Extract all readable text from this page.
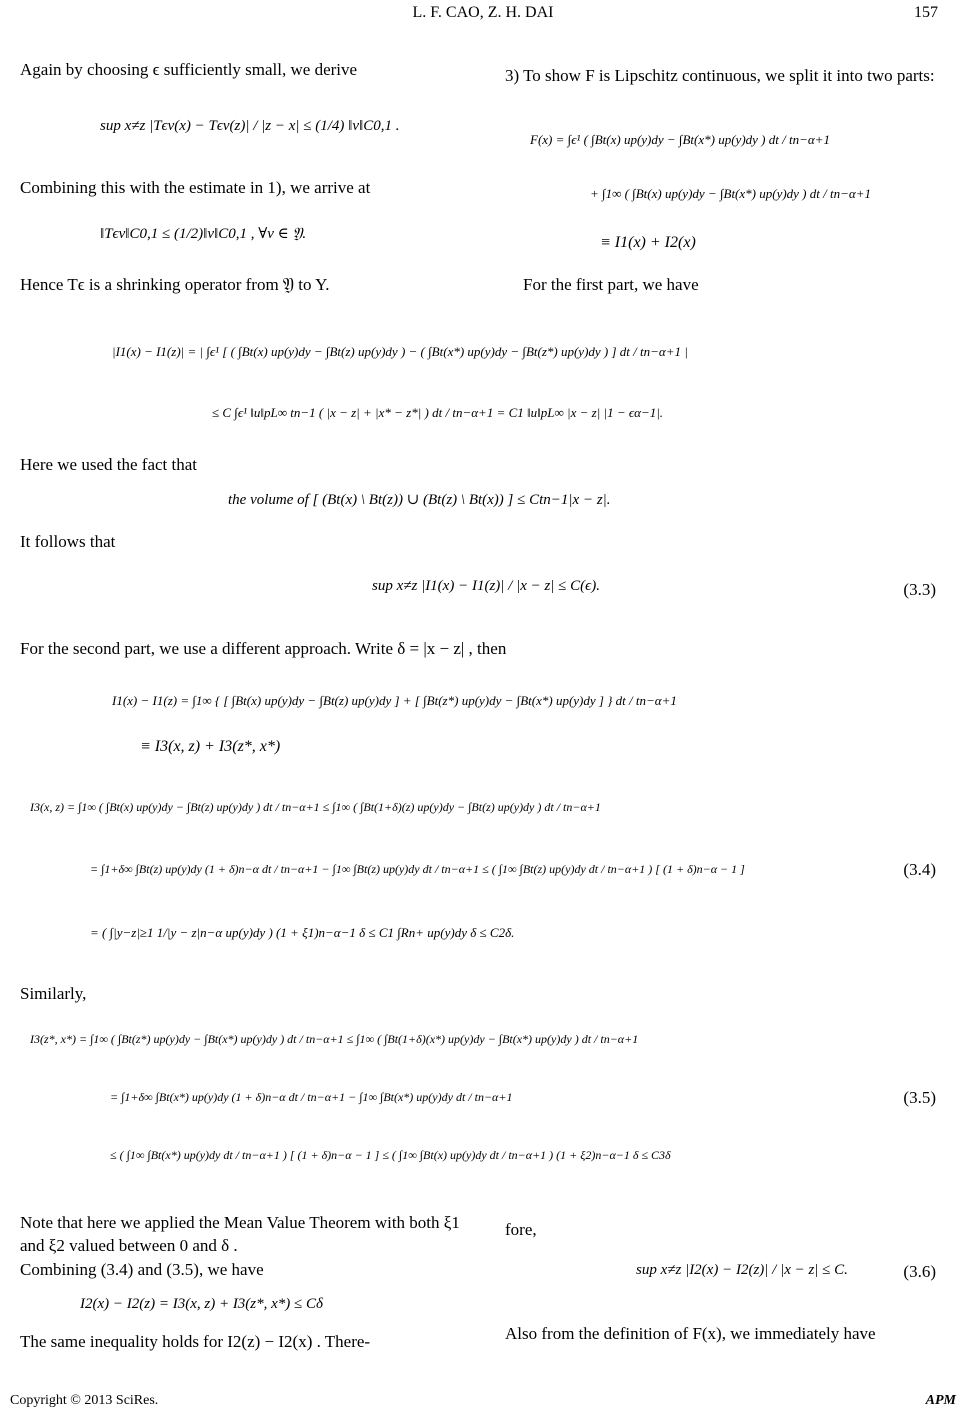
L. F. CAO, Z. H. DAI	157
Again by choosing ϵ sufficiently small, we derive
sup x≠z |Tϵv(x) − Tϵv(z)| / |z − x| ≤ (1/4) ‖v‖C0,1 .
Combining this with the estimate in 1), we arrive at
‖Tϵv‖C0,1 ≤ (1/2)‖v‖C0,1 , ∀v ∈ 𝔜.
Hence Tϵ is a shrinking operator from 𝔜 to Y.
3) To show F is Lipschitz continuous, we split it into two parts:
F(x) = ∫ϵ¹ ( ∫Bt(x) up(y)dy − ∫Bt(x*) up(y)dy ) dt / tn−α+1
+ ∫1∞ ( ∫Bt(x) up(y)dy − ∫Bt(x*) up(y)dy ) dt / tn−α+1
≡ I1(x) + I2(x)
For the first part, we have
|I1(x) − I1(z)| = | ∫ϵ¹ [ ( ∫Bt(x) up(y)dy − ∫Bt(z) up(y)dy ) − ( ∫Bt(x*) up(y)dy − ∫Bt(z*) up(y)dy ) ] dt / tn−α+1 |
≤ C ∫ϵ¹ ‖u‖pL∞ tn−1 ( |x − z| + |x* − z*| ) dt / tn−α+1 = C1 ‖u‖pL∞ |x − z| |1 − ϵα−1|.
Here we used the fact that
the volume of [ (Bt(x) \ Bt(z)) ∪ (Bt(z) \ Bt(x)) ] ≤ Ctn−1|x − z|.
It follows that
sup x≠z |I1(x) − I1(z)| / |x − z| ≤ C(ϵ).	(3.3)
For the second part, we use a different approach. Write δ = |x − z| , then
I1(x) − I1(z) = ∫1∞ { [ ∫Bt(x) up(y)dy − ∫Bt(z) up(y)dy ] + [ ∫Bt(z*) up(y)dy − ∫Bt(x*) up(y)dy ] } dt / tn−α+1
≡ I3(x, z) + I3(z*, x*)
I3(x, z) = ∫1∞ ( ∫Bt(x) up(y)dy − ∫Bt(z) up(y)dy ) dt / tn−α+1 ≤ ∫1∞ ( ∫Bt(1+δ)(z) up(y)dy − ∫Bt(z) up(y)dy ) dt / tn−α+1
= ∫1+δ∞ ∫Bt(z) up(y)dy (1 + δ)n−α dt / tn−α+1 − ∫1∞ ∫Bt(z) up(y)dy dt / tn−α+1 ≤ ( ∫1∞ ∫Bt(z) up(y)dy dt / tn−α+1 ) [ (1 + δ)n−α − 1 ]	(3.4)
= ( ∫|y−z|≥1 1/|y − z|n−α up(y)dy ) (1 + ξ1)n−α−1 δ ≤ C1 ∫Rn+ up(y)dy δ ≤ C2δ.
Similarly,
I3(z*, x*) = ∫1∞ ( ∫Bt(z*) up(y)dy − ∫Bt(x*) up(y)dy ) dt / tn−α+1 ≤ ∫1∞ ( ∫Bt(1+δ)(x*) up(y)dy − ∫Bt(x*) up(y)dy ) dt / tn−α+1
= ∫1+δ∞ ∫Bt(x*) up(y)dy (1 + δ)n−α dt / tn−α+1 − ∫1∞ ∫Bt(x*) up(y)dy dt / tn−α+1	(3.5)
≤ ( ∫1∞ ∫Bt(x*) up(y)dy dt / tn−α+1 ) [ (1 + δ)n−α − 1 ] ≤ ( ∫1∞ ∫Bt(x) up(y)dy dt / tn−α+1 ) (1 + ξ2)n−α−1 δ ≤ C3δ
Note that here we applied the Mean Value Theorem with both ξ1 and ξ2 valued between 0 and δ .
Combining (3.4) and (3.5), we have
I2(x) − I2(z) = I3(x, z) + I3(z*, x*) ≤ Cδ
The same inequality holds for I2(z) − I2(x) . There-
fore,
sup x≠z |I2(x) − I2(z)| / |x − z| ≤ C.	(3.6)
Also from the definition of F(x), we immediately have
Copyright © 2013 SciRes.	APM
